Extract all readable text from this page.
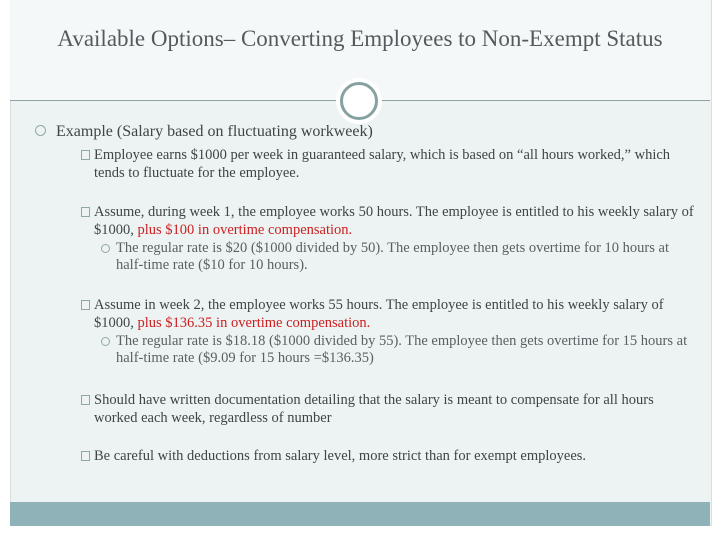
Available Options– Converting Employees to Non-Exempt Status
Example (Salary based on fluctuating workweek)
Employee earns $1000 per week in guaranteed salary, which is based on “all hours worked,” which tends to fluctuate for the employee.
Assume, during week 1, the employee works 50 hours. The employee is entitled to his weekly salary of $1000, plus $100 in overtime compensation.
The regular rate is $20 ($1000 divided by 50). The employee then gets overtime for 10 hours at half-time rate ($10 for 10 hours).
Assume in week 2, the employee works 55 hours. The employee is entitled to his weekly salary of $1000, plus $136.35 in overtime compensation.
The regular rate is $18.18 ($1000 divided by 55). The employee then gets overtime for 15 hours at half-time rate ($9.09 for 15 hours =$136.35)
Should have written documentation detailing that the salary is meant to compensate for all hours worked each week, regardless of number
Be careful with deductions from salary level, more strict than for exempt employees.
